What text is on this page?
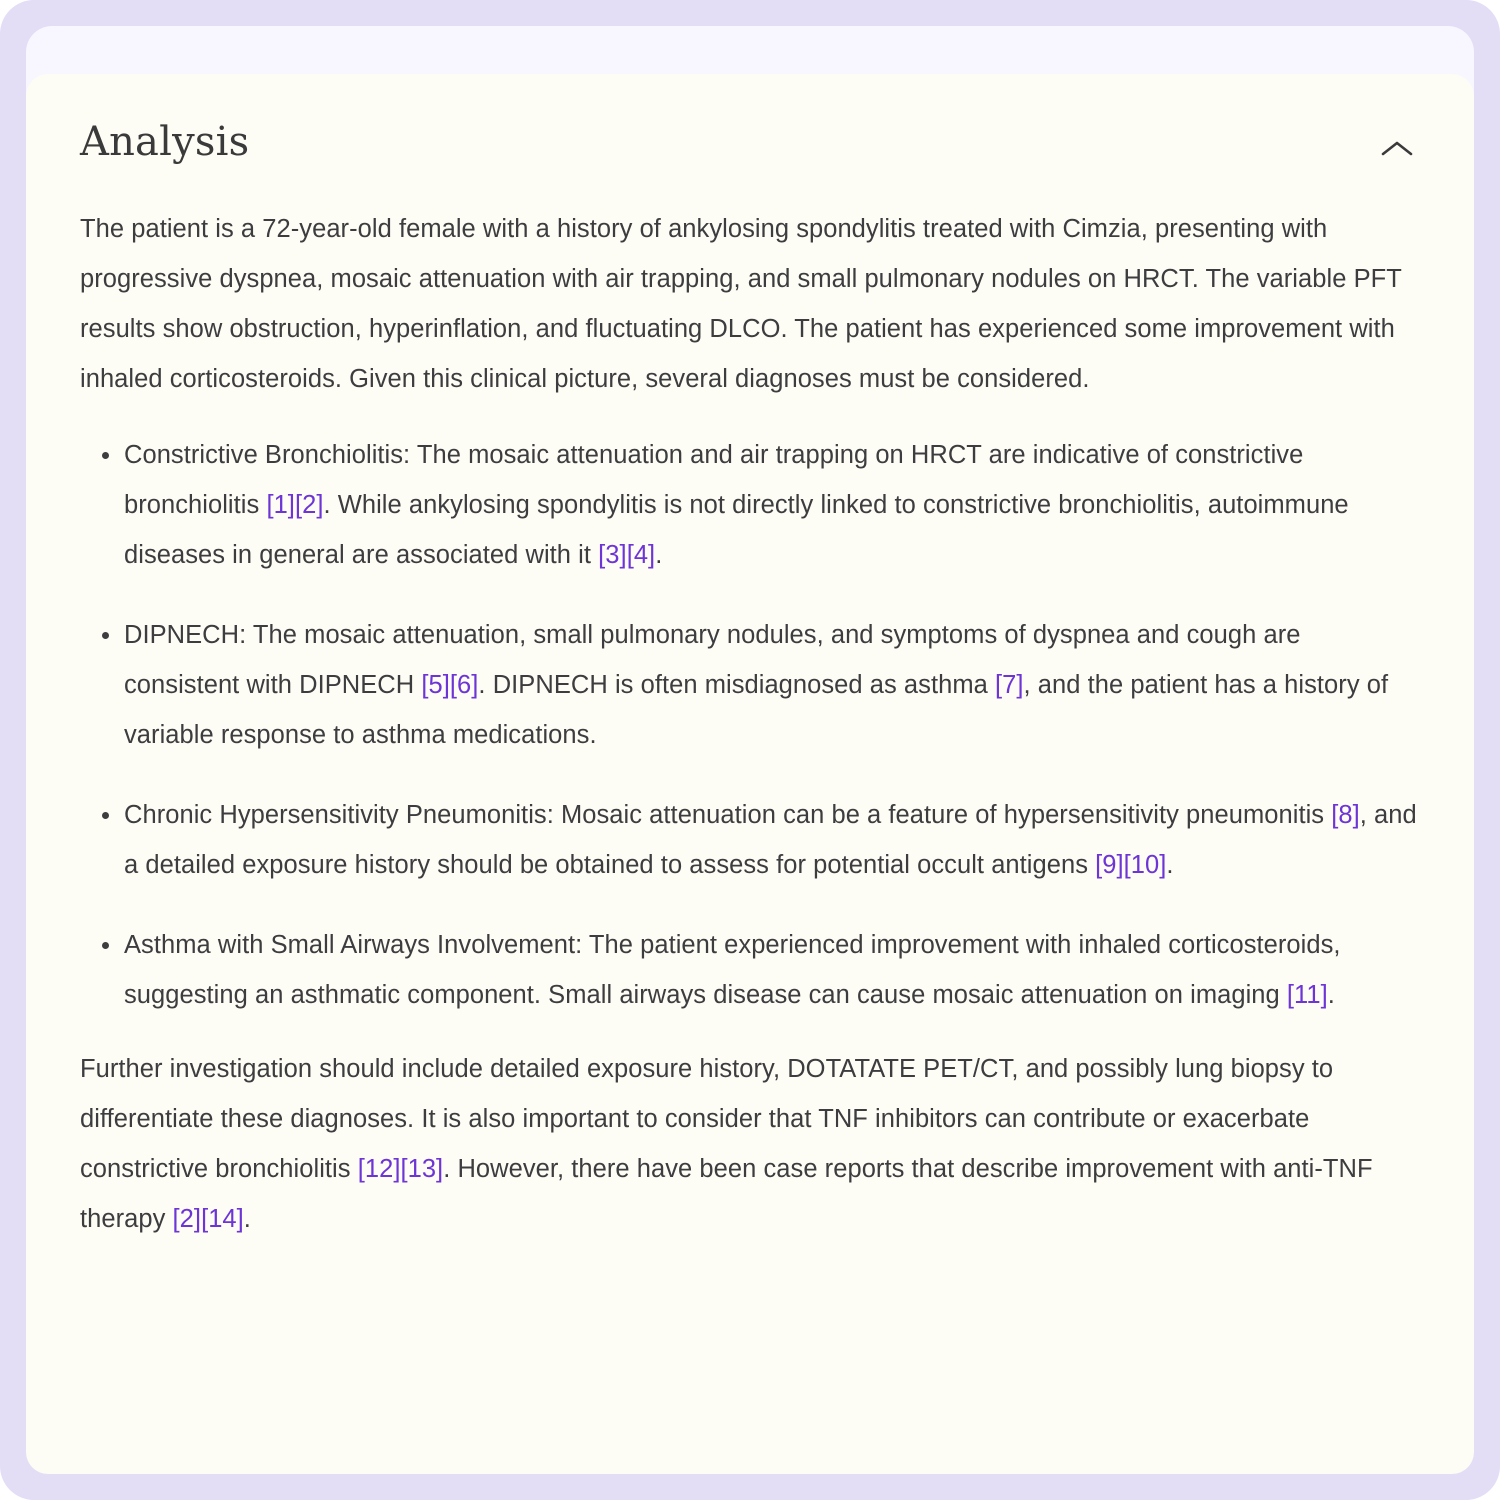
Analysis

The patient is a 72-year-old female with a history of ankylosing spondylitis treated with Cimzia, presenting with progressive dyspnea, mosaic attenuation with air trapping, and small pulmonary nodules on HRCT. The variable PFT results show obstruction, hyperinflation, and fluctuating DLCO. The patient has experienced some improvement with inhaled corticosteroids. Given this clinical picture, several diagnoses must be considered.

Constrictive Bronchiolitis: The mosaic attenuation and air trapping on HRCT are indicative of constrictive bronchiolitis [1][2]. While ankylosing spondylitis is not directly linked to constrictive bronchiolitis, autoimmune diseases in general are associated with it [3][4].
DIPNECH: The mosaic attenuation, small pulmonary nodules, and symptoms of dyspnea and cough are consistent with DIPNECH [5][6]. DIPNECH is often misdiagnosed as asthma [7], and the patient has a history of variable response to asthma medications.
Chronic Hypersensitivity Pneumonitis: Mosaic attenuation can be a feature of hypersensitivity pneumonitis [8], and a detailed exposure history should be obtained to assess for potential occult antigens [9][10].
Asthma with Small Airways Involvement: The patient experienced improvement with inhaled corticosteroids, suggesting an asthmatic component. Small airways disease can cause mosaic attenuation on imaging [11].

Further investigation should include detailed exposure history, DOTATATE PET/CT, and possibly lung biopsy to differentiate these diagnoses. It is also important to consider that TNF inhibitors can contribute or exacerbate constrictive bronchiolitis [12][13]. However, there have been case reports that describe improvement with anti-TNF therapy [2][14].
